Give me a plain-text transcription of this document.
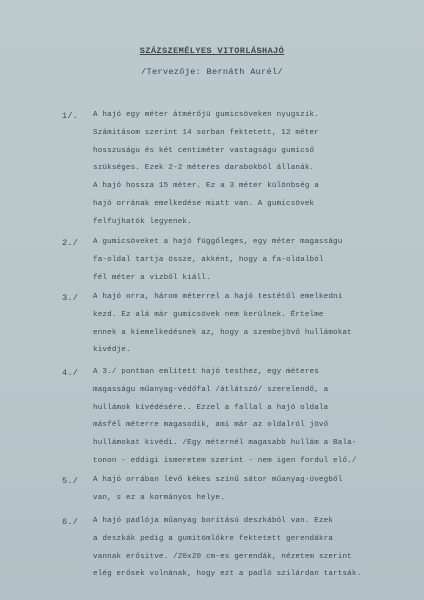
SZÁZSZEMÉLYES VITORLÁSHAJÓ
/Tervezője: Bernáth Aurél/
1/. A hajó egy méter átmérőjü gumicsöveken nyugszik.
Számitásom szerint 14 sorban fektetett, 12 méter
hosszuságu és két centiméter vastagságu gumicső
szükséges. Ezek 2-2 méteres darabokból állanák.
A hajó hossza 15 méter. Ez a 3 méter különbség a
hajó orrának emelkedése miatt van. A gumicsövek
felfujhatók legyenek.
2./ A gumicsöveket a hajó függőleges, egy méter magasságu
fa-oldal tartja össze, akként, hogy a fa-oldalból
fél méter a vizből kiáll.
3./ A hajó orra, három méterrel a hajó testétől emelkedni
kezd. Ez alá már gumicsövek nem kerülnek. Értelme
ennek a kiemelkedésnek az, hogy a szembejövő hullámokat
kivédje.
4./ A 3./ pontban említett hajó testhez, egy méteres
magasságu műanyag-védőfal /átlátszó/ szerelendő, a
hullámok kivédésére.. Ezzel a fallal a hajó oldala
másfél méterre magasodik, ami már az oldalról jövő
hullámokat kivédi. /Egy méternél magasabb hullám a Bala-
tonon - eddigi ismeretem szerint - nem igen fordul elő./
5./ A hajó orrában lévő kékes színű sátor műanyag-üvegből
van, s ez a kormányos helye.
6./ A hajó padlója műanyag borítású deszkából van. Ezek
a deszkák pedig a gumitömlőkre fektetett gerendákra
vannak erősitve. /20x20 cm-es gerendák, nézetem szerint
elég erősek volnának, hogy ezt a padló szilárdan tartsák.
